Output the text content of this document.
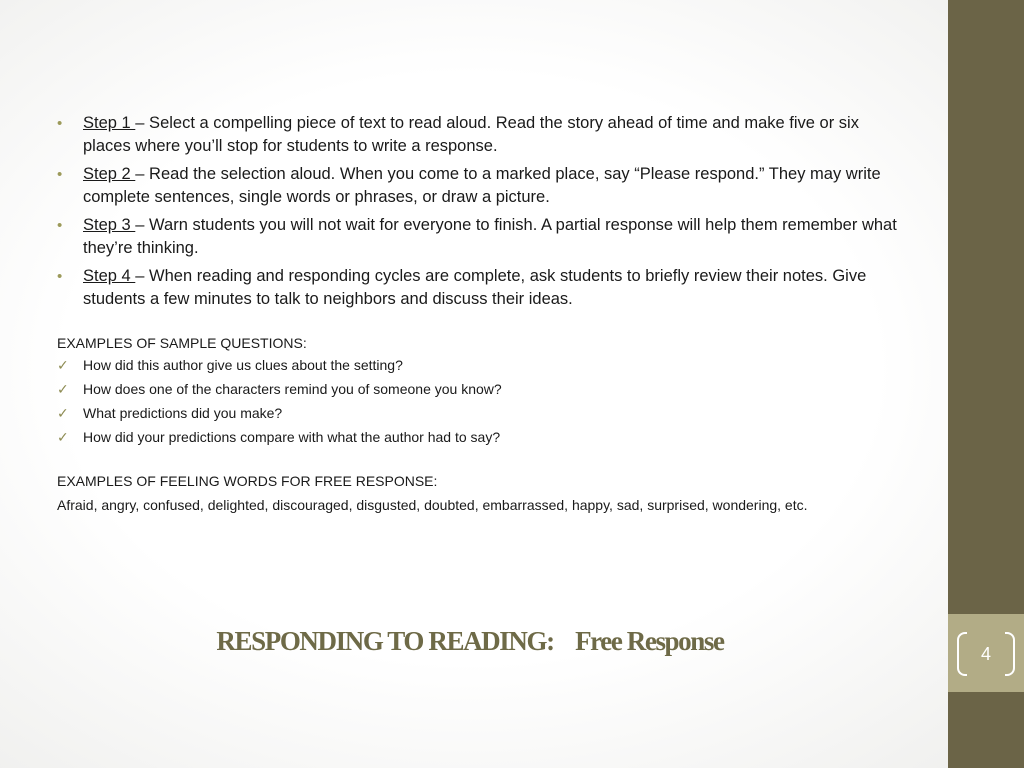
• Step 1 – Select a compelling piece of text to read aloud. Read the story ahead of time and make five or six places where you’ll stop for students to write a response.
• Step 2 – Read the selection aloud. When you come to a marked place, say “Please respond.” They may write complete sentences, single words or phrases, or draw a picture.
• Step 3 – Warn students you will not wait for everyone to finish. A partial response will help them remember what they’re thinking.
• Step 4 – When reading and responding cycles are complete, ask students to briefly review their notes. Give students a few minutes to talk to neighbors and discuss their ideas.

EXAMPLES OF SAMPLE QUESTIONS:

✓ How did this author give us clues about the setting?
✓ How does one of the characters remind you of someone you know?
✓ What predictions did you make?
✓ How did your predictions compare with what the author had to say?

EXAMPLES OF FEELING WORDS FOR FREE RESPONSE:

Afraid, angry, confused, delighted, discouraged, disgusted, doubted, embarrassed, happy, sad, surprised, wondering, etc.

RESPONDING TO READING:    Free Response	4
